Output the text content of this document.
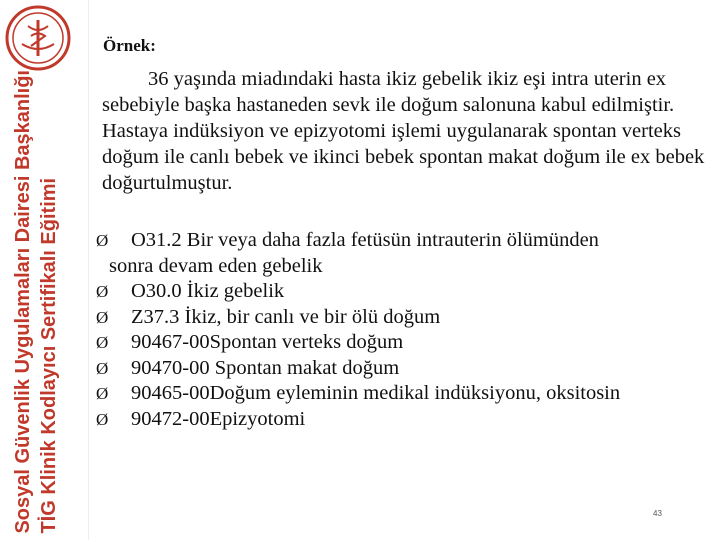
Sosyal Güvenlik Uygulamaları Dairesi Başkanlığı TİG Klinik Kodlayıcı Sertifikalı Eğitimi
Örnek:
36 yaşında miadındaki hasta ikiz gebelik ikiz eşi intra uterin ex sebebiyle başka hastaneden sevk ile doğum salonuna kabul edilmiştir. Hastaya indüksiyon ve epizyotomi işlemi uygulanarak spontan verteks doğum ile canlı bebek ve ikinci bebek spontan makat doğum ile ex bebek doğurtulmuştur.
Ø O31.2 Bir veya daha fazla fetüsün intrauterin ölümünden
sonra devam eden gebelik
Ø O30.0 İkiz gebelik
Ø Z37.3 İkiz, bir canlı ve bir ölü doğum
Ø 90467-00Spontan verteks doğum
Ø 90470-00 Spontan makat doğum
Ø 90465-00Doğum eyleminin medikal indüksiyonu, oksitosin
Ø 90472-00Epizyotomi
43
